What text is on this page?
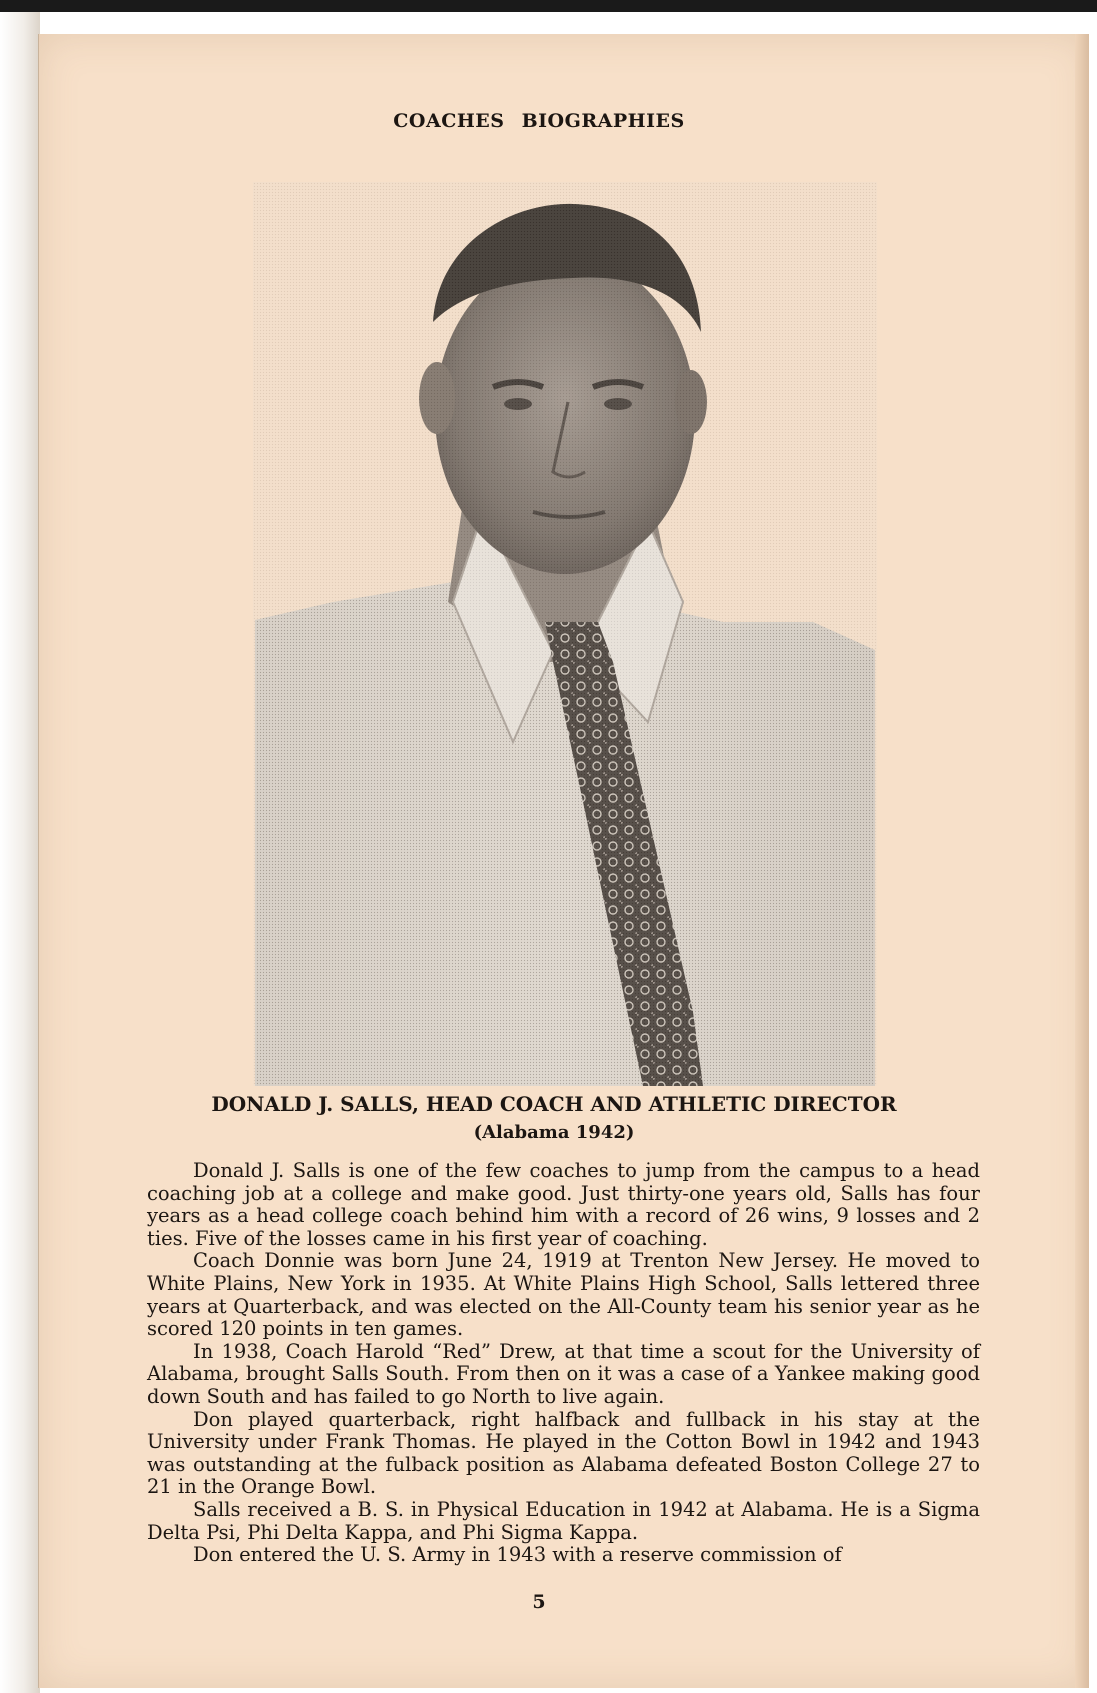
COACHES BIOGRAPHIES
DONALD J. SALLS, HEAD COACH AND ATHLETIC DIRECTOR
(Alabama 1942)

Donald J. Salls is one of the few coaches to jump from the campus to a head coaching job at a college and make good. Just thirty-one years old, Salls has four years as a head college coach behind him with a record of 26 wins, 9 losses and 2 ties. Five of the losses came in his first year of coaching.

Coach Donnie was born June 24, 1919 at Trenton New Jersey. He moved to White Plains, New York in 1935. At White Plains High School, Salls lettered three years at Quarterback, and was elected on the All-County team his senior year as he scored 120 points in ten games.

In 1938, Coach Harold “Red” Drew, at that time a scout for the University of Alabama, brought Salls South. From then on it was a case of a Yankee making good down South and has failed to go North to live again.

Don played quarterback, right halfback and fullback in his stay at the University under Frank Thomas. He played in the Cotton Bowl in 1942 and 1943 was outstanding at the fulback position as Alabama defeated Boston College 27 to 21 in the Orange Bowl.

Salls received a B. S. in Physical Education in 1942 at Alabama. He is a Sigma Delta Psi, Phi Delta Kappa, and Phi Sigma Kappa.

Don entered the U. S. Army in 1943 with a reserve commission of

5
